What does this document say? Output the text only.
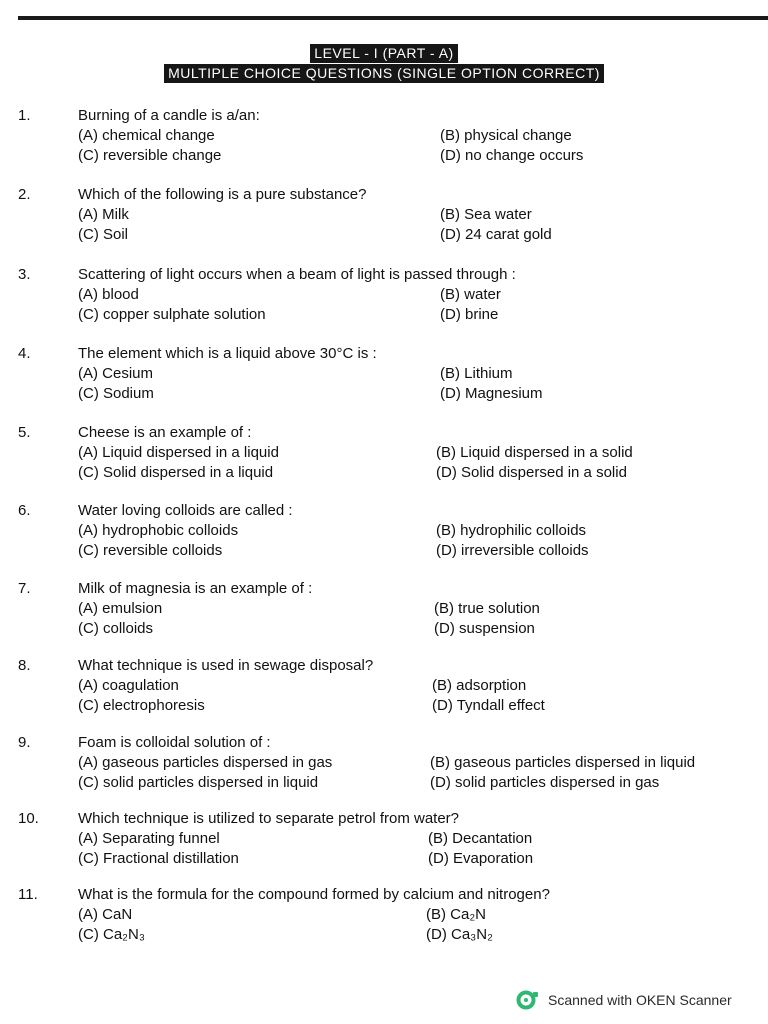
LEVEL - I (PART - A)
MULTIPLE CHOICE QUESTIONS (SINGLE OPTION CORRECT)
1.	Burning of a candle is a/an:
(A) chemical change	(B) physical change
(C) reversible change	(D) no change occurs
2.	Which of the following is a pure substance?
(A) Milk	(B) Sea water
(C) Soil	(D) 24 carat gold
3.	Scattering of light occurs when a beam of light is passed through :
(A) blood	(B) water
(C) copper sulphate solution	(D) brine
4.	The element which is a liquid above 30°C is :
(A) Cesium	(B) Lithium
(C) Sodium	(D) Magnesium
5.	Cheese is an example of :
(A) Liquid dispersed in a liquid	(B) Liquid dispersed in a solid
(C) Solid dispersed in a liquid	(D) Solid dispersed in a solid
6.	Water loving colloids are called :
(A) hydrophobic colloids	(B) hydrophilic colloids
(C) reversible colloids	(D) irreversible colloids
7.	Milk of magnesia is an example of :
(A) emulsion	(B) true solution
(C) colloids	(D) suspension
8.	What technique is used in sewage disposal?
(A) coagulation	(B) adsorption
(C) electrophoresis	(D) Tyndall effect
9.	Foam is colloidal solution of :
(A) gaseous particles dispersed in gas	(B) gaseous particles dispersed in liquid
(C) solid particles dispersed in liquid	(D) solid particles dispersed in gas
10.	Which technique is utilized to separate petrol from water?
(A) Separating funnel	(B) Decantation
(C) Fractional distillation	(D) Evaporation
11.	What is the formula for the compound formed by calcium and nitrogen?
(A) CaN	(B) Ca₂N
(C) Ca₂N₃	(D) Ca₃N₂
Scanned with OKEN Scanner
